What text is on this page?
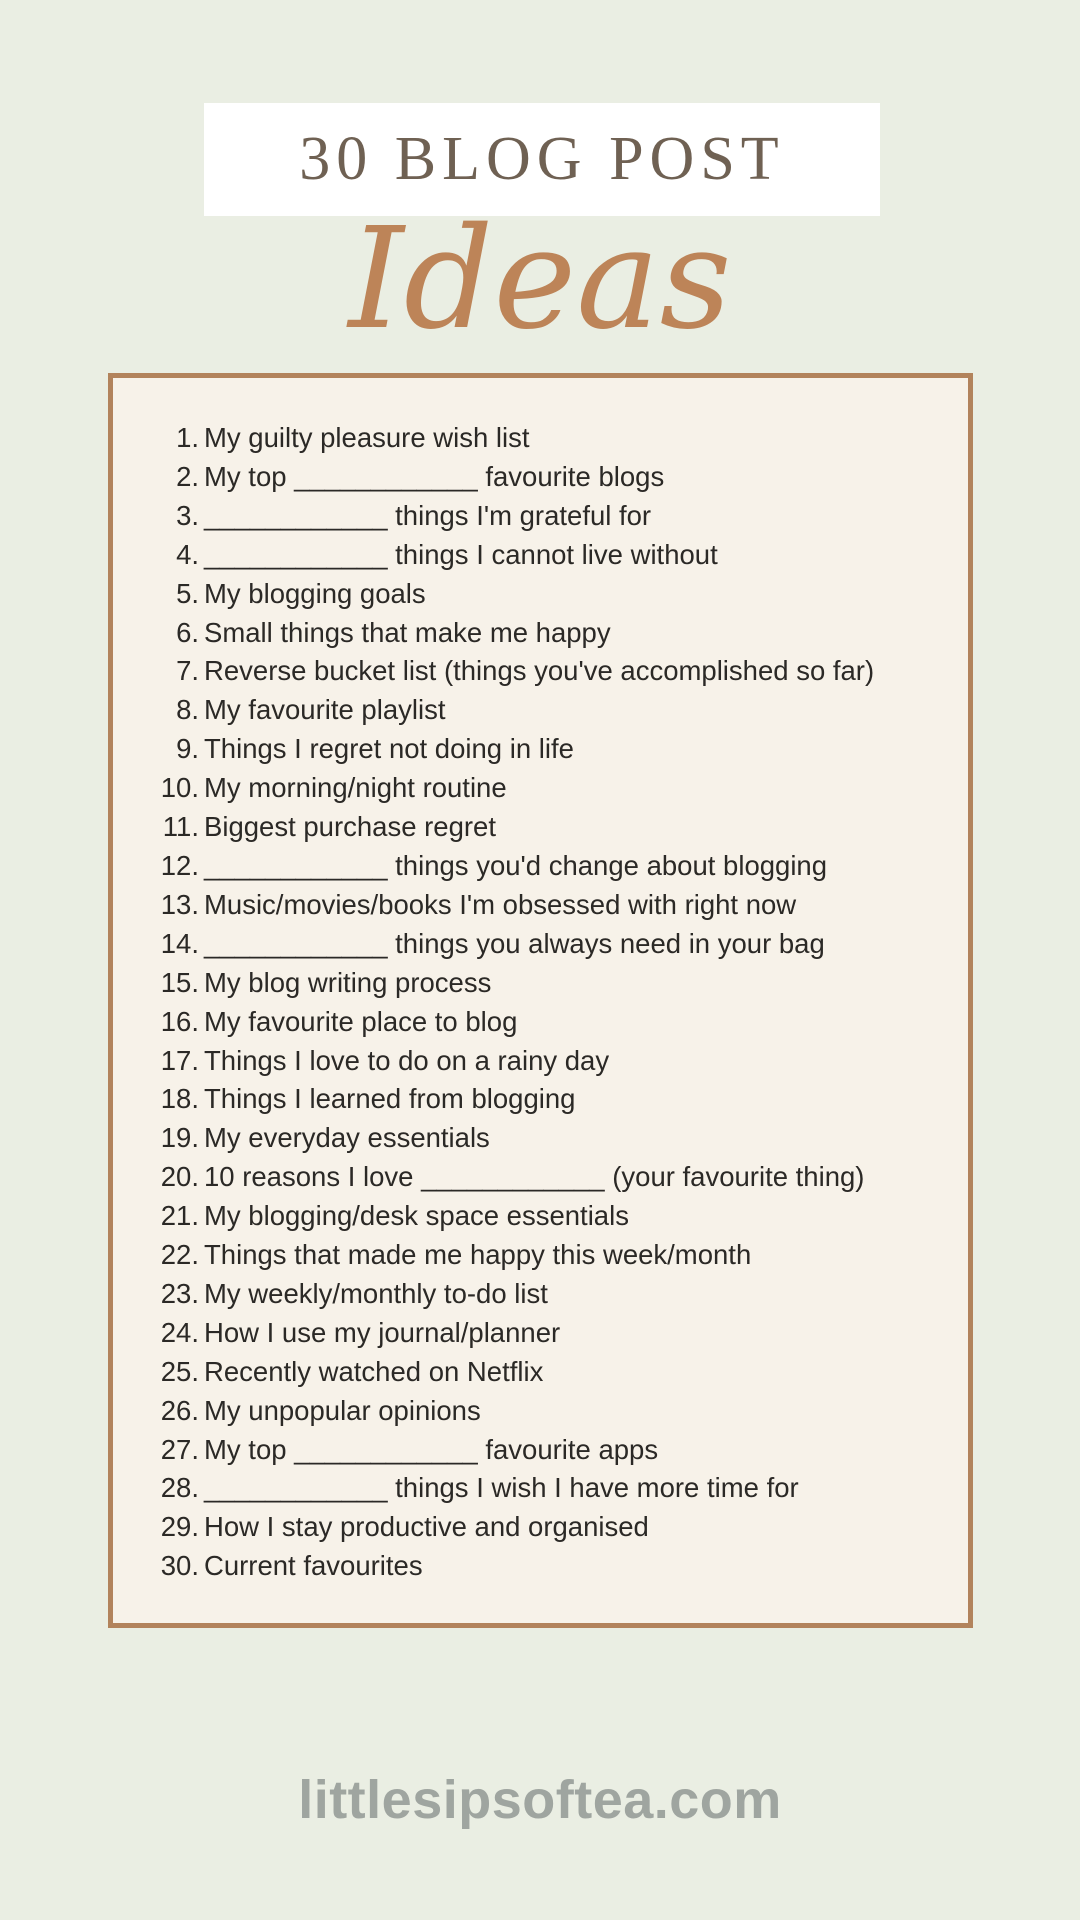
30 BLOG POST
Ideas
1. My guilty pleasure wish list
2. My top ____________ favourite blogs
3. ____________ things I'm grateful for
4. ____________ things I cannot live without
5. My blogging goals
6. Small things that make me happy
7. Reverse bucket list (things you've accomplished so far)
8. My favourite playlist
9. Things I regret not doing in life
10. My morning/night routine
11. Biggest purchase regret
12. ____________ things you'd change about blogging
13. Music/movies/books I'm obsessed with right now
14. ____________ things you always need in your bag
15. My blog writing process
16. My favourite place to blog
17. Things I love to do on a rainy day
18. Things I learned from blogging
19. My everyday essentials
20. 10 reasons I love ____________ (your favourite thing)
21. My blogging/desk space essentials
22. Things that made me happy this week/month
23. My weekly/monthly to-do list
24. How I use my journal/planner
25. Recently watched on Netflix
26. My unpopular opinions
27. My top ____________ favourite apps
28. ____________ things I wish I have more time for
29. How I stay productive and organised
30. Current favourites
littlesipsoftea.com
